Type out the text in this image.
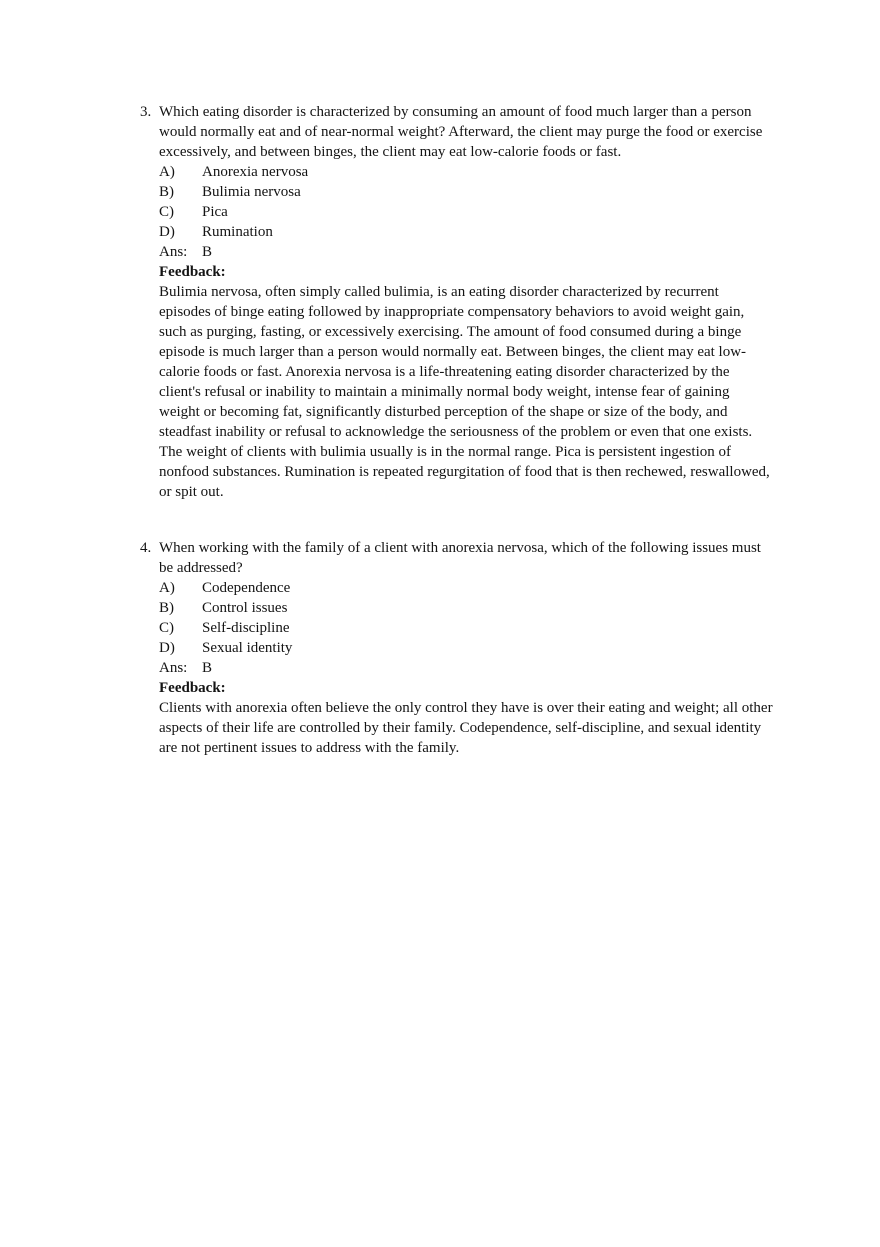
3. Which eating disorder is characterized by consuming an amount of food much larger than a person would normally eat and of near-normal weight? Afterward, the client may purge the food or exercise excessively, and between binges, the client may eat low-calorie foods or fast.

A)	Anorexia nervosa
B)	Bulimia nervosa
C)	Pica
D)	Rumination
Ans: B

Feedback:

Bulimia nervosa, often simply called bulimia, is an eating disorder characterized by recurrent episodes of binge eating followed by inappropriate compensatory behaviors to avoid weight gain, such as purging, fasting, or excessively exercising. The amount of food consumed during a binge episode is much larger than a person would normally eat. Between binges, the client may eat low-calorie foods or fast. Anorexia nervosa is a life-threatening eating disorder characterized by the client's refusal or inability to maintain a minimally normal body weight, intense fear of gaining weight or becoming fat, significantly disturbed perception of the shape or size of the body, and steadfast inability or refusal to acknowledge the seriousness of the problem or even that one exists. The weight of clients with bulimia usually is in the normal range. Pica is persistent ingestion of nonfood substances. Rumination is repeated regurgitation of food that is then rechewed, reswallowed, or spit out.

4. When working with the family of a client with anorexia nervosa, which of the following issues must be addressed?

A)	Codependence
B)	Control issues
C)	Self-discipline
D)	Sexual identity
Ans: B

Feedback:

Clients with anorexia often believe the only control they have is over their eating and weight; all other aspects of their life are controlled by their family. Codependence, self-discipline, and sexual identity are not pertinent issues to address with the family.
